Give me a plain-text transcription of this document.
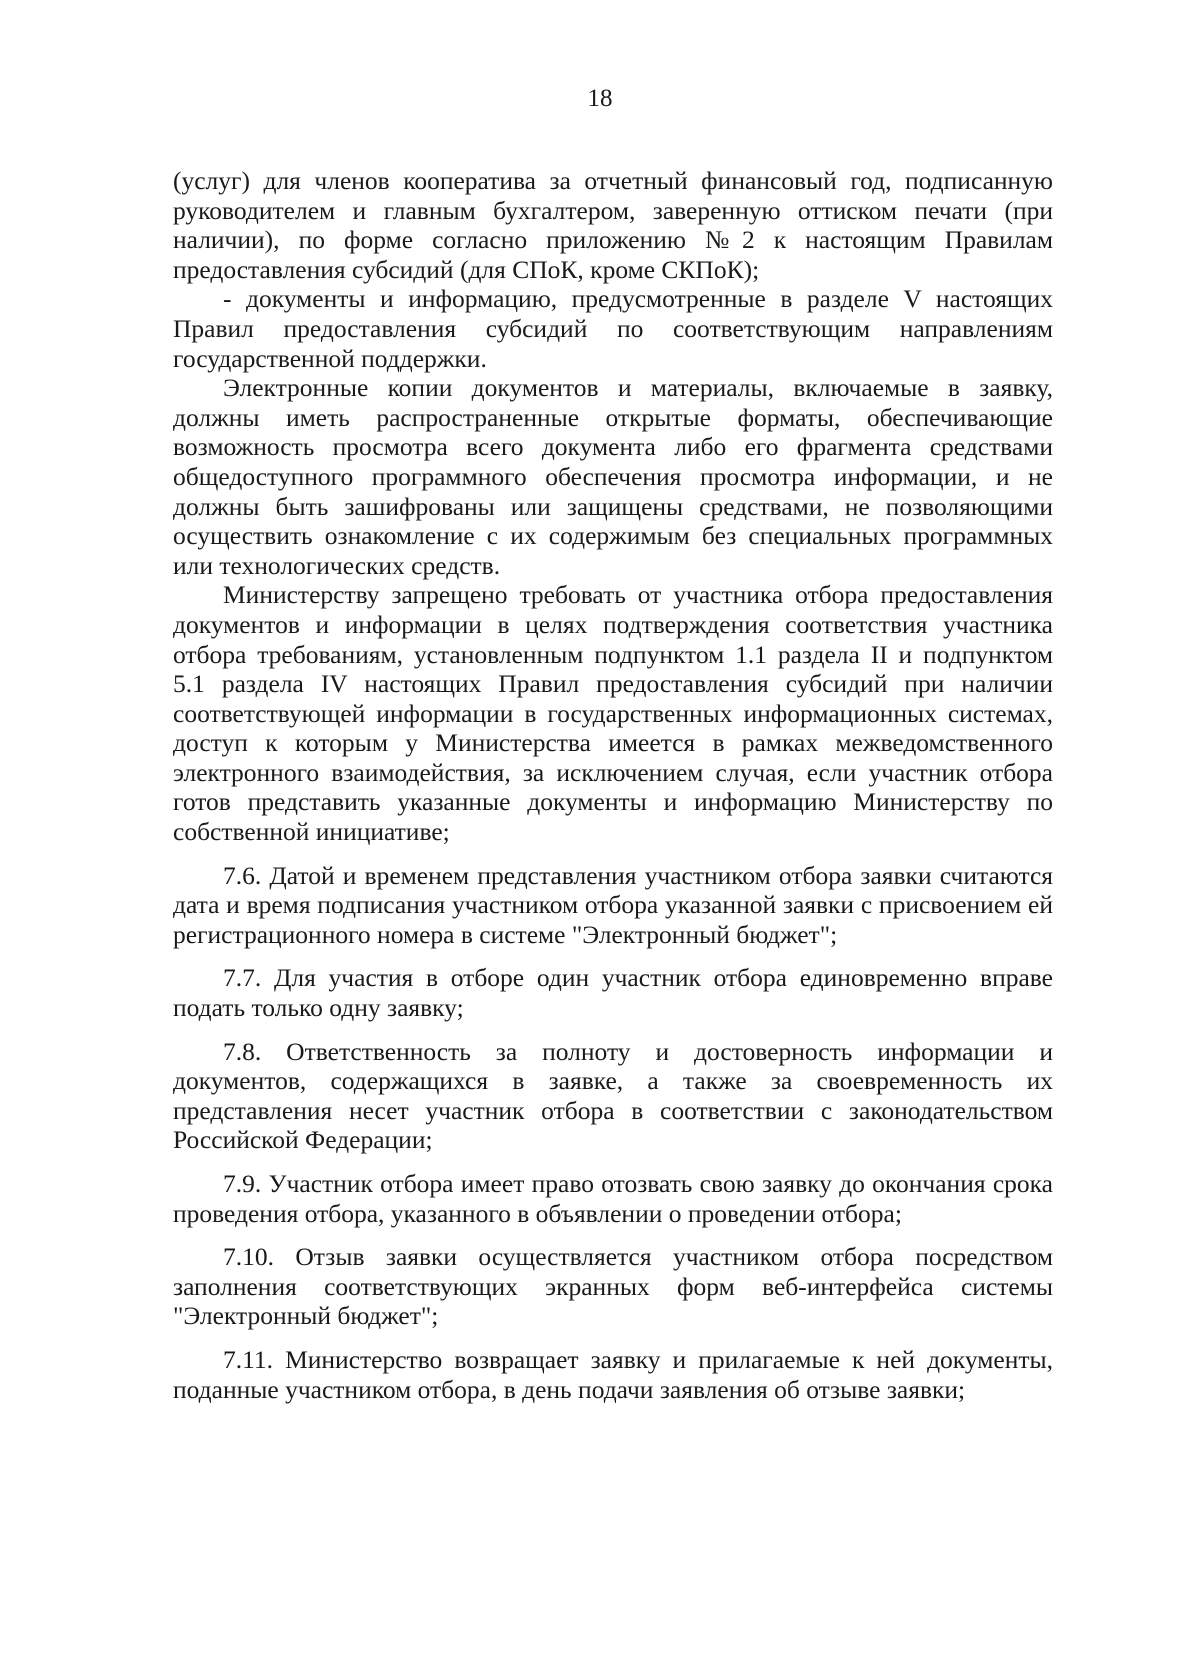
18

(услуг) для членов кооператива за отчетный финансовый год, подписанную руководителем и главным бухгалтером, заверенную оттиском печати (при наличии), по форме согласно приложению №2 к настоящим Правилам предоставления субсидий (для СПоК, кроме СКПоК);

- документы и информацию, предусмотренные в разделе V настоящих Правил предоставления субсидий по соответствующим направлениям государственной поддержки.

Электронные копии документов и материалы, включаемые в заявку, должны иметь распространенные открытые форматы, обеспечивающие возможность просмотра всего документа либо его фрагмента средствами общедоступного программного обеспечения просмотра информации, и не должны быть зашифрованы или защищены средствами, не позволяющими осуществить ознакомление с их содержимым без специальных программных или технологических средств.

Министерству запрещено требовать от участника отбора предоставления документов и информации в целях подтверждения соответствия участника отбора требованиям, установленным подпунктом 1.1 раздела II и подпунктом 5.1 раздела IV настоящих Правил предоставления субсидий при наличии соответствующей информации в государственных информационных системах, доступ к которым у Министерства имеется в рамках межведомственного электронного взаимодействия, за исключением случая, если участник отбора готов представить указанные документы и информацию Министерству по собственной инициативе;

7.6. Датой и временем представления участником отбора заявки считаются дата и время подписания участником отбора указанной заявки с присвоением ей регистрационного номера в системе "Электронный бюджет";

7.7. Для участия в отборе один участник отбора единовременно вправе подать только одну заявку;

7.8. Ответственность за полноту и достоверность информации и документов, содержащихся в заявке, а также за своевременность их представления несет участник отбора в соответствии с законодательством Российской Федерации;

7.9. Участник отбора имеет право отозвать свою заявку до окончания срока проведения отбора, указанного в объявлении о проведении отбора;

7.10. Отзыв заявки осуществляется участником отбора посредством заполнения соответствующих экранных форм веб-интерфейса системы "Электронный бюджет";

7.11. Министерство возвращает заявку и прилагаемые к ней документы, поданные участником отбора, в день подачи заявления об отзыве заявки;
